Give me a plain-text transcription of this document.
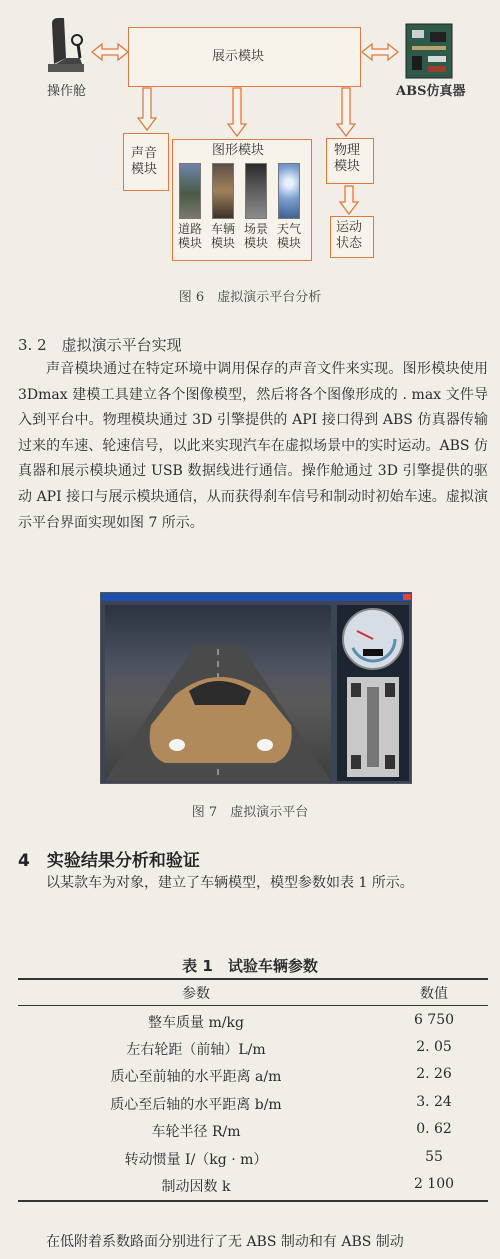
操作舱	ABS仿真器
展示模块
声音
模块
图形模块
道路模块
车辆模块
场景模块
天气模块
物理
模块
运动
状态
图 6　虚拟演示平台分析
3. 2　虚拟演示平台实现
声音模块通过在特定环境中调用保存的声音文件来实现。图形模块使用 3Dmax 建模工具建立各个图像模型，然后将各个图像形成的 . max 文件导入到平台中。物理模块通过 3D 引擎提供的 API 接口得到 ABS 仿真器传输过来的车速、轮速信号，以此来实现汽车在虚拟场景中的实时运动。ABS 仿真器和展示模块通过 USB 数据线进行通信。操作舱通过 3D 引擎提供的驱动 API 接口与展示模块通信，从而获得刹车信号和制动时初始车速。虚拟演示平台界面实现如图 7 所示。
图 7　虚拟演示平台
4　实验结果分析和验证
以某款车为对象，建立了车辆模型，模型参数如表 1 所示。
表 1　试验车辆参数
参数	数值
整车质量 m/kg	6 750
左右轮距（前轴）L/m	2. 05
质心至前轴的水平距离 a/m	2. 26
质心至后轴的水平距离 b/m	3. 24
车轮半径 R/m	0. 62
转动惯量 I/（kg · m）	55
制动因数 k	2 100
在低附着系数路面分别进行了无 ABS 制动和有 ABS 制动
